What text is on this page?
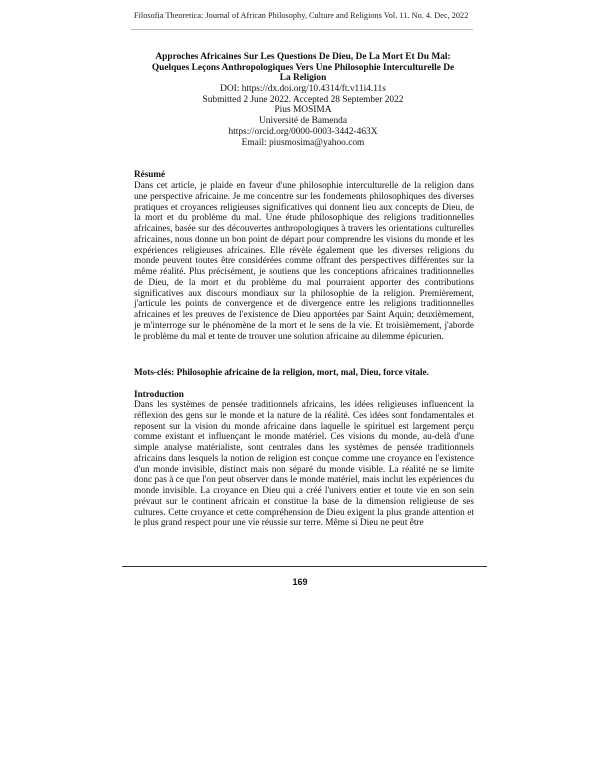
Filosofia Theoretica: Journal of African Philosophy, Culture and Religions Vol. 11. No. 4. Dec, 2022
Approches Africaines Sur Les Questions De Dieu, De La Mort Et Du Mal:
Quelques Leçons Anthropologiques Vers Une Philosophie Interculturelle De
La Religion
DOI: https://dx.doi.org/10.4314/ft.v11i4.11s
Submitted 2 June 2022. Accepted 28 September 2022
Pius MOSIMA
Université de Bamenda
https://orcid.org/0000-0003-3442-463X
Email: piusmosima@yahoo.com
Résumé
Dans cet article, je plaide en faveur d'une philosophie interculturelle de la religion dans une perspective africaine. Je me concentre sur les fondements philosophiques des diverses pratiques et croyances religieuses significatives qui donnent lieu aux concepts de Dieu, de la mort et du problème du mal. Une étude philosophique des religions traditionnelles africaines, basée sur des découvertes anthropologiques à travers les orientations culturelles africaines, nous donne un bon point de départ pour comprendre les visions du monde et les expériences religieuses africaines. Elle révèle également que les diverses religions du monde peuvent toutes être considérées comme offrant des perspectives différentes sur la même réalité. Plus précisément, je soutiens que les conceptions africaines traditionnelles de Dieu, de la mort et du problème du mal pourraient apporter des contributions significatives aux discours mondiaux sur la philosophie de la religion. Premièrement, j'articule les points de convergence et de divergence entre les religions traditionnelles africaines et les preuves de l'existence de Dieu apportées par Saint Aquin; deuxièmement, je m'interroge sur le phénomène de la mort et le sens de la vie. Et troisièmement, j'aborde le problème du mal et tente de trouver une solution africaine au dilemme épicurien.
Mots-clés: Philosophie africaine de la religion, mort, mal, Dieu, force vitale.
Introduction
Dans les systèmes de pensée traditionnels africains, les idées religieuses influencent la réflexion des gens sur le monde et la nature de la réalité. Ces idées sont fondamentales et reposent sur la vision du monde africaine dans laquelle le spirituel est largement perçu comme existant et influençant le monde matériel. Ces visions du monde, au-delà d'une simple analyse matérialiste, sont centrales dans les systèmes de pensée traditionnels africains dans lesquels la notion de religion est conçue comme une croyance en l'existence d'un monde invisible, distinct mais non séparé du monde visible. La réalité ne se limite donc pas à ce que l'on peut observer dans le monde matériel, mais inclut les expériences du monde invisible. La croyance en Dieu qui a créé l'univers entier et toute vie en son sein prévaut sur le continent africain et constitue la base de la dimension religieuse de ses cultures. Cette croyance et cette compréhension de Dieu exigent la plus grande attention et le plus grand respect pour une vie réussie sur terre. Même si Dieu ne peut être
169
